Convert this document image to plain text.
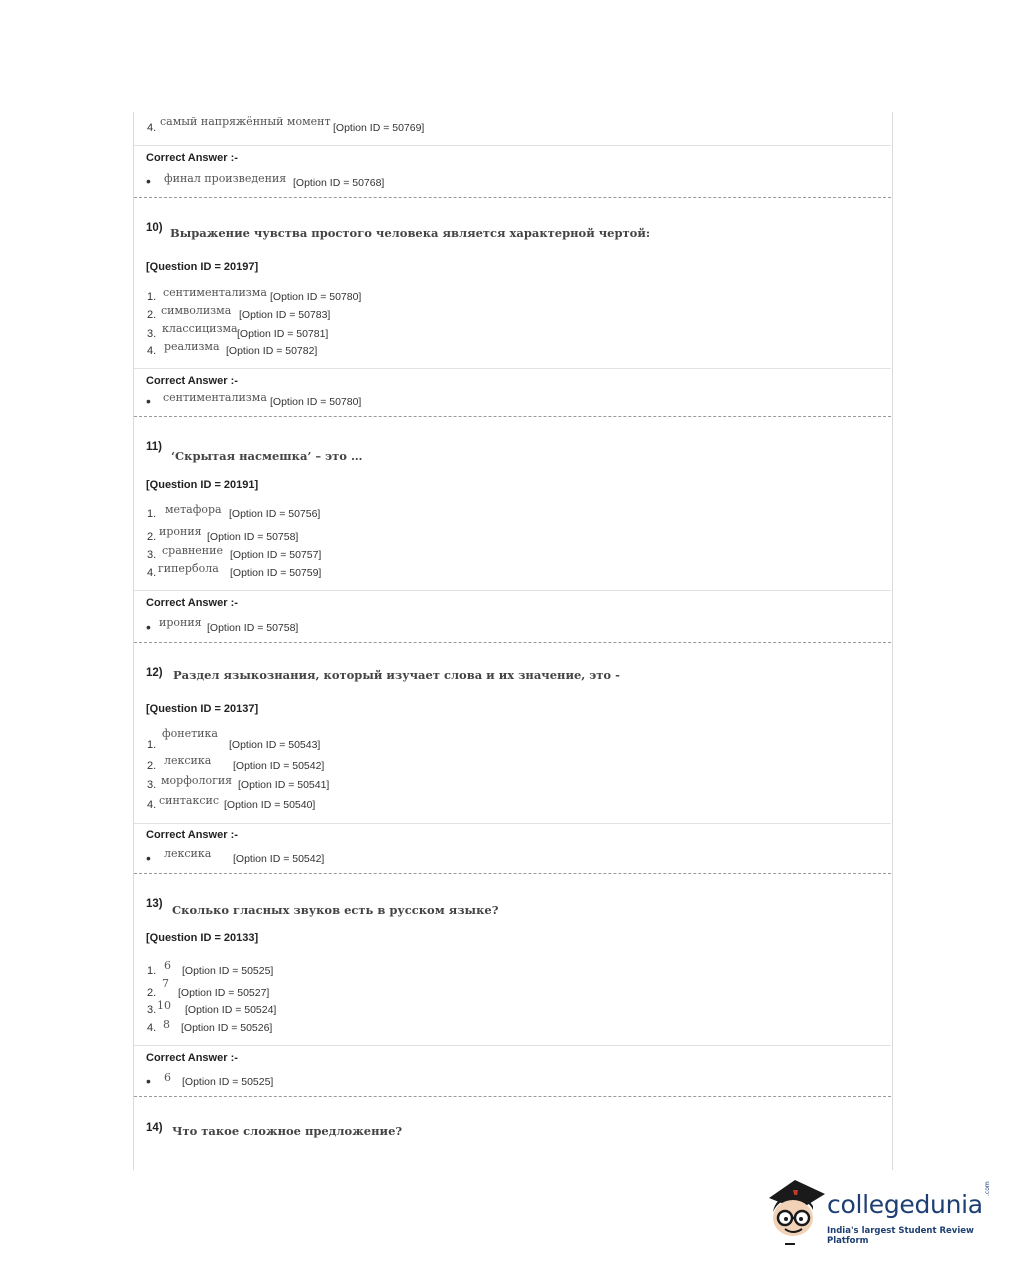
4. самый напряжённый момент [Option ID = 50769]
Correct Answer :-
• финал произведения [Option ID = 50768]
10) Выражение чувства простого человека является характерной чертой:
[Question ID = 20197]
1. сентиментализма [Option ID = 50780]
2. символизма [Option ID = 50783]
3. классицизма [Option ID = 50781]
4. реализма [Option ID = 50782]
Correct Answer :-
• сентиментализма [Option ID = 50780]
11)
‘Скрытая насмешка’ – это …
[Question ID = 20191]
1. метафора [Option ID = 50756]
2. ирония [Option ID = 50758]
3. сравнение [Option ID = 50757]
4. гипербола [Option ID = 50759]
Correct Answer :-
• ирония [Option ID = 50758]
12) Раздел языкознания, который изучает слова и их значение, это -
[Question ID = 20137]
фонетика
1.	[Option ID = 50543]
2. лексика [Option ID = 50542]
3. морфология [Option ID = 50541]
4. синтаксис [Option ID = 50540]
Correct Answer :-
• лексика [Option ID = 50542]
13) Сколько гласных звуков есть в русском языке?
[Question ID = 20133]
1. 6 [Option ID = 50525]
2.
7
[Option ID = 50527]
3. 10 [Option ID = 50524]
4. 8 [Option ID = 50526]
Correct Answer :-
• 6 [Option ID = 50525]
14) Что такое сложное предложение?
collegedunia
.com
India's largest Student Review Platform
